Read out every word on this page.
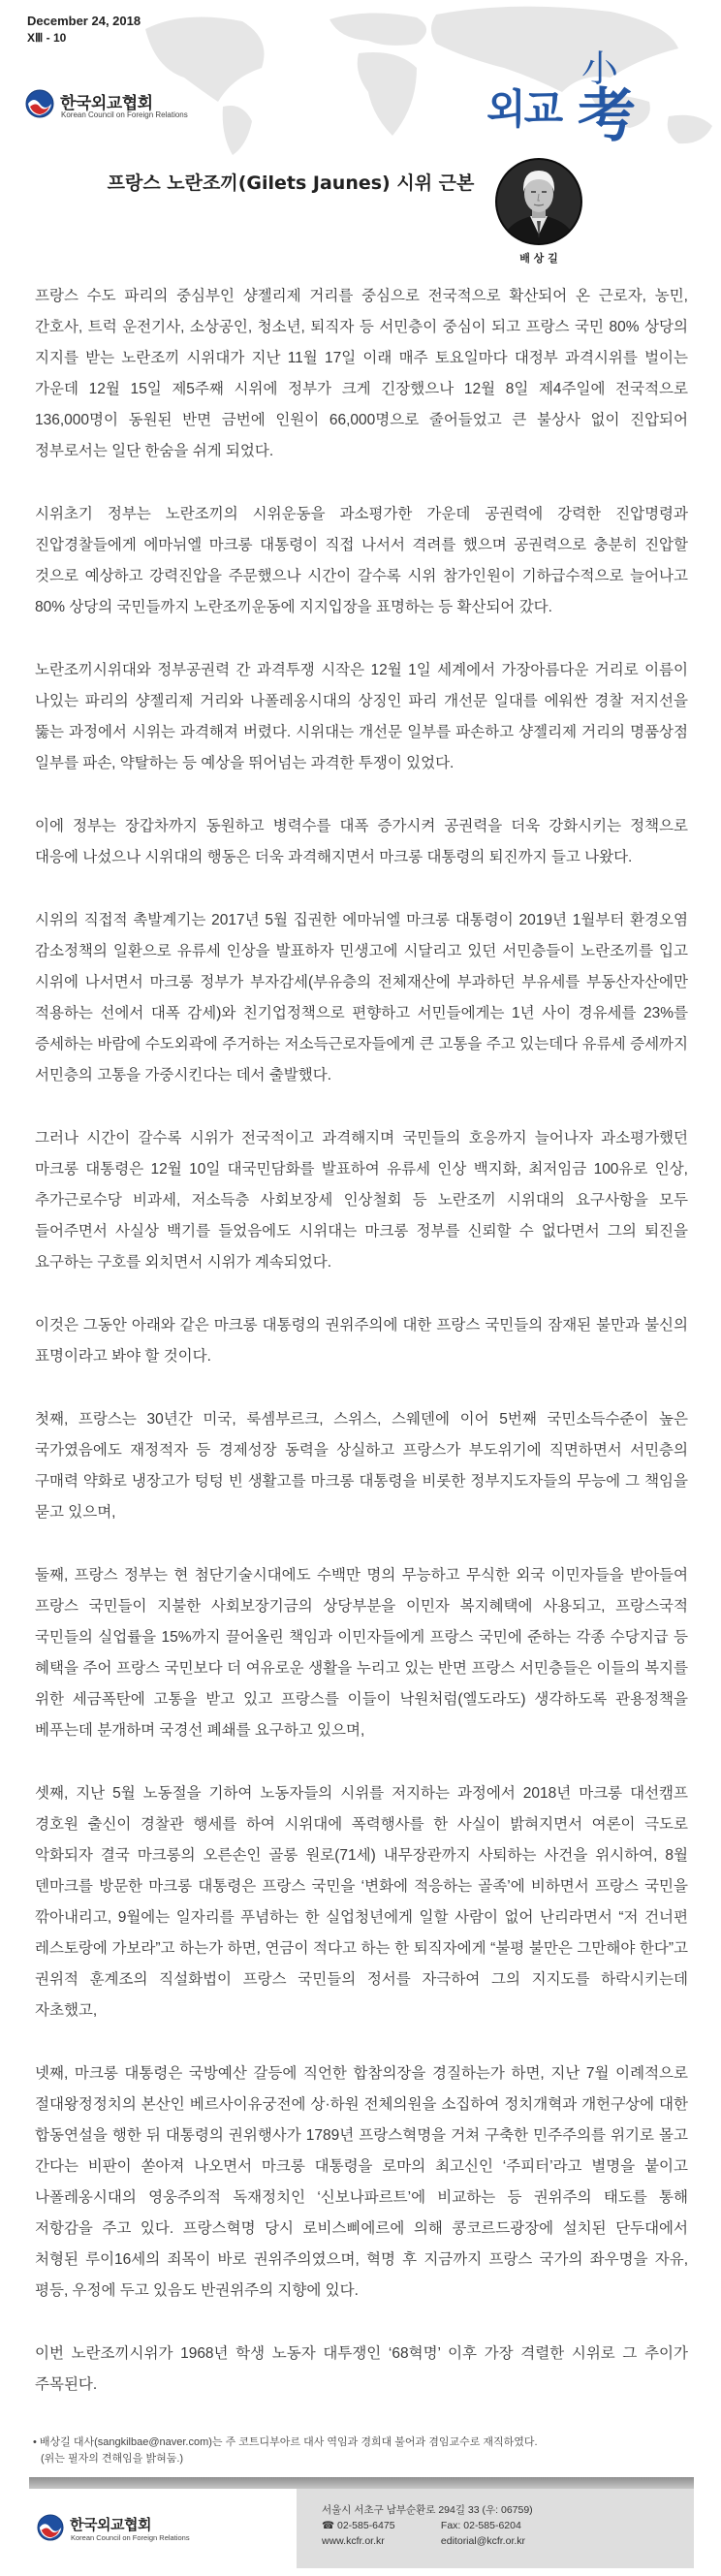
December 24, 2018
XⅢ - 10
한국외교협회
Korean Council on Foreign Relations	외교
小
考
프랑스 노란조끼(Gilets Jaunes) 시위 근본
배 상 길

프랑스 수도 파리의 중심부인 샹젤리제 거리를 중심으로 전국적으로 확산되어 온 근로자, 농민, 간호사, 트럭 운전기사, 소상공인, 청소년, 퇴직자 등 서민층이 중심이 되고 프랑스 국민 80% 상당의 지지를 받는 노란조끼 시위대가 지난 11월 17일 이래 매주 토요일마다 대정부 과격시위를 벌이는 가운데 12월 15일 제5주째 시위에 정부가 크게 긴장했으나 12월 8일 제4주일에 전국적으로 136,000명이 동원된 반면 금번에 인원이 66,000명으로 줄어들었고 큰 불상사 없이 진압되어 정부로서는 일단 한숨을 쉬게 되었다.

시위초기 정부는 노란조끼의 시위운동을 과소평가한 가운데 공권력에 강력한 진압명령과 진압경찰들에게 에마뉘엘 마크롱 대통령이 직접 나서서 격려를 했으며 공권력으로 충분히 진압할 것으로 예상하고 강력진압을 주문했으나 시간이 갈수록 시위 참가인원이 기하급수적으로 늘어나고 80% 상당의 국민들까지 노란조끼운동에 지지입장을 표명하는 등 확산되어 갔다.

노란조끼시위대와 정부공권력 간 과격투쟁 시작은 12월 1일 세계에서 가장아름다운 거리로 이름이 나있는 파리의 샹젤리제 거리와 나폴레옹시대의 상징인 파리 개선문 일대를 에워싼 경찰 저지선을 뚫는 과정에서 시위는 과격해져 버렸다. 시위대는 개선문 일부를 파손하고 샹젤리제 거리의 명품상점 일부를 파손, 약탈하는 등 예상을 뛰어넘는 과격한 투쟁이 있었다.

이에 정부는 장갑차까지 동원하고 병력수를 대폭 증가시켜 공권력을 더욱 강화시키는 정책으로 대응에 나섰으나 시위대의 행동은 더욱 과격해지면서 마크롱 대통령의 퇴진까지 들고 나왔다.

시위의 직접적 촉발계기는 2017년 5월 집권한 에마뉘엘 마크롱 대통령이 2019년 1월부터 환경오염 감소정책의 일환으로 유류세 인상을 발표하자 민생고에 시달리고 있던 서민층들이 노란조끼를 입고 시위에 나서면서 마크롱 정부가 부자감세(부유층의 전체재산에 부과하던 부유세를 부동산자산에만 적용하는 선에서 대폭 감세)와 친기업정책으로 편향하고 서민들에게는 1년 사이 경유세를 23%를 증세하는 바람에 수도외곽에 주거하는 저소득근로자들에게 큰 고통을 주고 있는데다 유류세 증세까지 서민층의 고통을 가중시킨다는 데서 출발했다.

그러나 시간이 갈수록 시위가 전국적이고 과격해지며 국민들의 호응까지 늘어나자 과소평가했던 마크롱 대통령은 12월 10일 대국민담화를 발표하여 유류세 인상 백지화, 최저임금 100유로 인상, 추가근로수당 비과세, 저소득층 사회보장세 인상철회 등 노란조끼 시위대의 요구사항을 모두 들어주면서 사실상 백기를 들었음에도 시위대는 마크롱 정부를 신뢰할 수 없다면서 그의 퇴진을 요구하는 구호를 외치면서 시위가 계속되었다.

이것은 그동안 아래와 같은 마크롱 대통령의 권위주의에 대한 프랑스 국민들의 잠재된 불만과 불신의 표명이라고 봐야 할 것이다.

첫째, 프랑스는 30년간 미국, 룩셈부르크, 스위스, 스웨덴에 이어 5번째 국민소득수준이 높은 국가였음에도 재정적자 등 경제성장 동력을 상실하고 프랑스가 부도위기에 직면하면서 서민층의 구매력 약화로 냉장고가 텅텅 빈 생활고를 마크롱 대통령을 비롯한 정부지도자들의 무능에 그 책임을 묻고 있으며,

둘째, 프랑스 정부는 현 첨단기술시대에도 수백만 명의 무능하고 무식한 외국 이민자들을 받아들여 프랑스 국민들이 지불한 사회보장기금의 상당부분을 이민자 복지혜택에 사용되고, 프랑스국적 국민들의 실업률을 15%까지 끌어올린 책임과 이민자들에게 프랑스 국민에 준하는 각종 수당지급 등 혜택을 주어 프랑스 국민보다 더 여유로운 생활을 누리고 있는 반면 프랑스 서민층들은 이들의 복지를 위한 세금폭탄에 고통을 받고 있고 프랑스를 이들이 낙원처럼(엘도라도) 생각하도록 관용정책을 베푸는데 분개하며 국경선 폐쇄를 요구하고 있으며,

셋째, 지난 5월 노동절을 기하여 노동자들의 시위를 저지하는 과정에서 2018년 마크롱 대선캠프 경호원 출신이 경찰관 행세를 하여 시위대에 폭력행사를 한 사실이 밝혀지면서 여론이 극도로 악화되자 결국 마크롱의 오른손인 골롱 원로(71세) 내무장관까지 사퇴하는 사건을 위시하여, 8월 덴마크를 방문한 마크롱 대통령은 프랑스 국민을 ‘변화에 적응하는 골족’에 비하면서 프랑스 국민을 깎아내리고, 9월에는 일자리를 푸념하는 한 실업청년에게 일할 사람이 없어 난리라면서 “저 건너편 레스토랑에 가보라”고 하는가 하면, 연금이 적다고 하는 한 퇴직자에게 “불평 불만은 그만해야 한다”고 권위적 훈계조의 직설화법이 프랑스 국민들의 정서를 자극하여 그의 지지도를 하락시키는데 자초했고,

넷째, 마크롱 대통령은 국방예산 갈등에 직언한 합참의장을 경질하는가 하면, 지난 7월 이례적으로 절대왕정정치의 본산인 베르사이유궁전에 상·하원 전체의원을 소집하여 정치개혁과 개헌구상에 대한 합동연설을 행한 뒤 대통령의 권위행사가 1789년 프랑스혁명을 거쳐 구축한 민주주의를 위기로 몰고 간다는 비판이 쏟아져 나오면서 마크롱 대통령을 로마의 최고신인 ‘주피터’라고 별명을 붙이고 나폴레옹시대의 영웅주의적 독재정치인 ‘신보나파르트’에 비교하는 등 권위주의 태도를 통해 저항감을 주고 있다. 프랑스혁명 당시 로비스삐에르에 의해 콩코르드광장에 설치된 단두대에서 처형된 루이16세의 죄목이 바로 권위주의였으며, 혁명 후 지금까지 프랑스 국가의 좌우명을 자유, 평등, 우정에 두고 있음도 반권위주의 지향에 있다.

이번 노란조끼시위가 1968년 학생 노동자 대투쟁인 ‘68혁명’ 이후 가장 격렬한 시위로 그 추이가 주목된다.

• 배상길 대사(sangkilbae@naver.com)는 주 코트디부아르 대사 역임과 경희대 불어과 겸임교수로 재직하였다.
(위는 필자의 견해임을 밝혀둠.)
한국외교협회
Korean Council on Foreign Relations
서울시 서초구 남부순환로 294길 33 (우: 06759)
☎ 02-585-6475	Fax: 02-585-6204
www.kcfr.or.kr	editorial@kcfr.or.kr
